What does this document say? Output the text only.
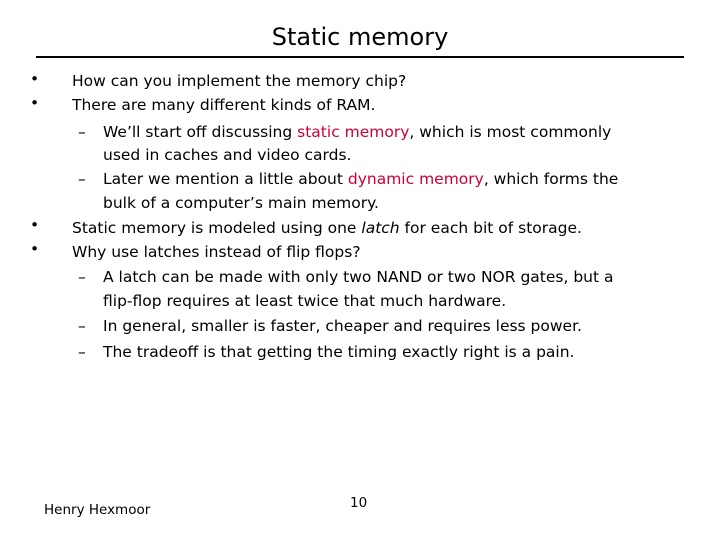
Static memory
• How can you implement the memory chip?
• There are many different kinds of RAM.
– We’ll start off discussing static memory, which is most commonly
used in caches and video cards.
– Later we mention a little about dynamic memory, which forms the
bulk of a computer’s main memory.
• Static memory is modeled using one latch for each bit of storage.
• Why use latches instead of flip flops?
– A latch can be made with only two NAND or two NOR gates, but a
flip-flop requires at least twice that much hardware.
– In general, smaller is faster, cheaper and requires less power.
– The tradeoff is that getting the timing exactly right is a pain.
Henry Hexmoor	10
